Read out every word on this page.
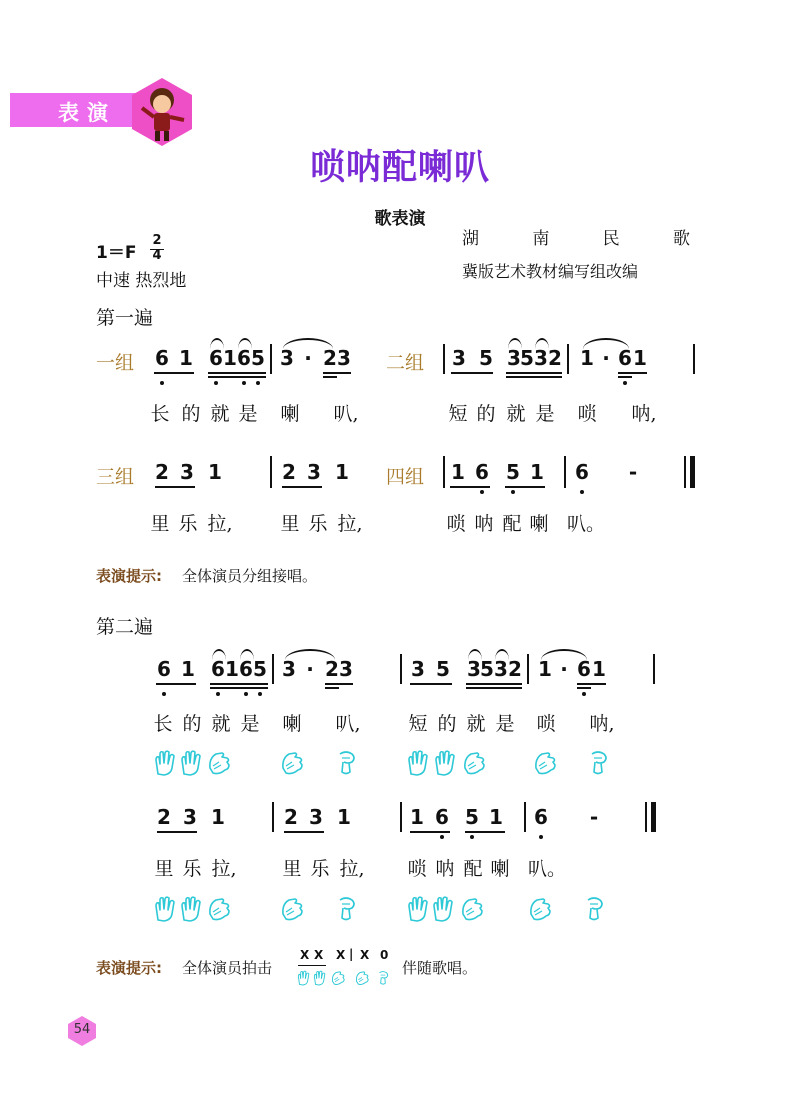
表演
唢呐配喇叭
歌表演
1＝F
2
4
中速 热烈地
湖	南	民	歌
冀版艺术教材编写组改编
第一遍
一组 6 1 6 1 6 5 3 · 2 3 二组 3 5 3 5 3 2 1 · 6 1
长 的 就 是 喇 叭,	短 的 就 是 唢 呐,
三组 2 3 1	2 3 1 四组 1 6 5 1 6 -
里 乐 拉,	里 乐 拉,	唢 呐 配 喇 叭。
表演提示: 全体演员分组接唱。
第二遍
6 1 6 1 6 5 3 · 2 3	3 5 3 5 3 2 1 · 6 1
长 的 就 是 喇 叭,	短 的 就 是 唢 呐,
2 3 1	2 3 1	1 6 5 1 6 -
里 乐 拉, 里 乐 拉, 唢 呐 配 喇 叭。
表演提示: 全体演员拍击
X X X | X 0
伴随歌唱。
54
